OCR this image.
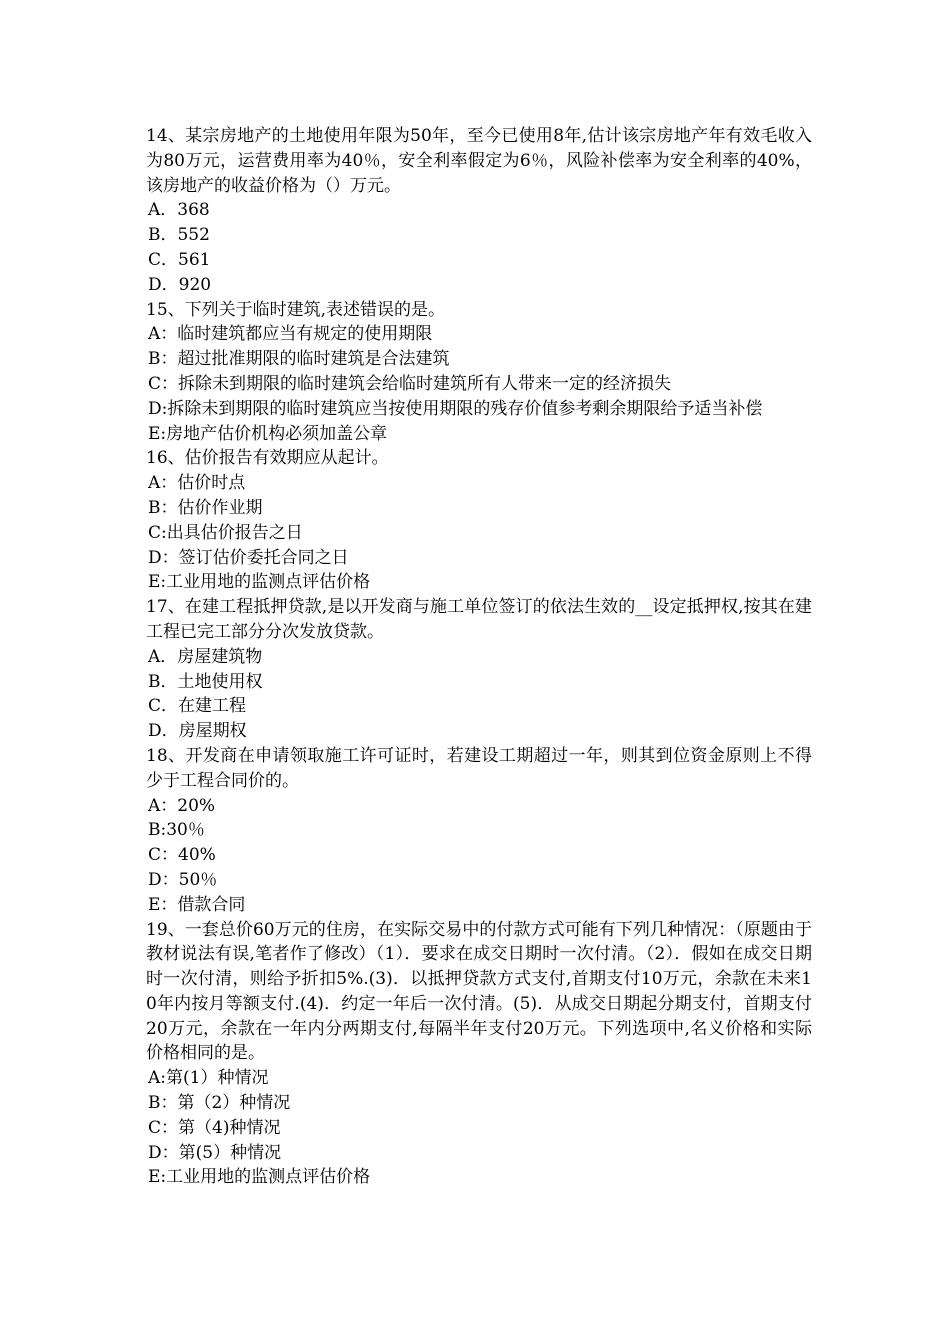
14、某宗房地产的土地使用年限为50年，至今已使用8年,估计该宗房地产年有效毛收入为80万元，运营费用率为40％，安全利率假定为6％，风险补偿率为安全利率的40%，该房地产的收益价格为（）万元。

A．368

B．552

C．561

D．920

15、下列关于临时建筑,表述错误的是。

A：临时建筑都应当有规定的使用期限

B：超过批准期限的临时建筑是合法建筑

C：拆除未到期限的临时建筑会给临时建筑所有人带来一定的经济损失

D:拆除未到期限的临时建筑应当按使用期限的残存价值参考剩余期限给予适当补偿

E:房地产估价机构必须加盖公章

16、估价报告有效期应从起计。

A：估价时点

B：估价作业期

C:出具估价报告之日

D：签订估价委托合同之日

E:工业用地的监测点评估价格

17、在建工程抵押贷款,是以开发商与施工单位签订的依法生效的__设定抵押权,按其在建工程已完工部分分次发放贷款。

A．房屋建筑物

B．土地使用权

C．在建工程

D．房屋期权

18、开发商在申请领取施工许可证时，若建设工期超过一年，则其到位资金原则上不得少于工程合同价的。

A：20%

B:30％

C：40%

D：50％

E：借款合同

19、一套总价60万元的住房，在实际交易中的付款方式可能有下列几种情况：（原题由于教材说法有误,笔者作了修改）（1）．要求在成交日期时一次付清。（2）．假如在成交日期时一次付清，则给予折扣5%.(3)．以抵押贷款方式支付,首期支付10万元，余款在未来10年内按月等额支付.(4)．约定一年后一次付清。(5)．从成交日期起分期支付，首期支付20万元，余款在一年内分两期支付,每隔半年支付20万元。下列选项中,名义价格和实际价格相同的是。

A:第(1）种情况

B：第（2）种情况

C：第（4)种情况

D：第(5）种情况

E:工业用地的监测点评估价格
